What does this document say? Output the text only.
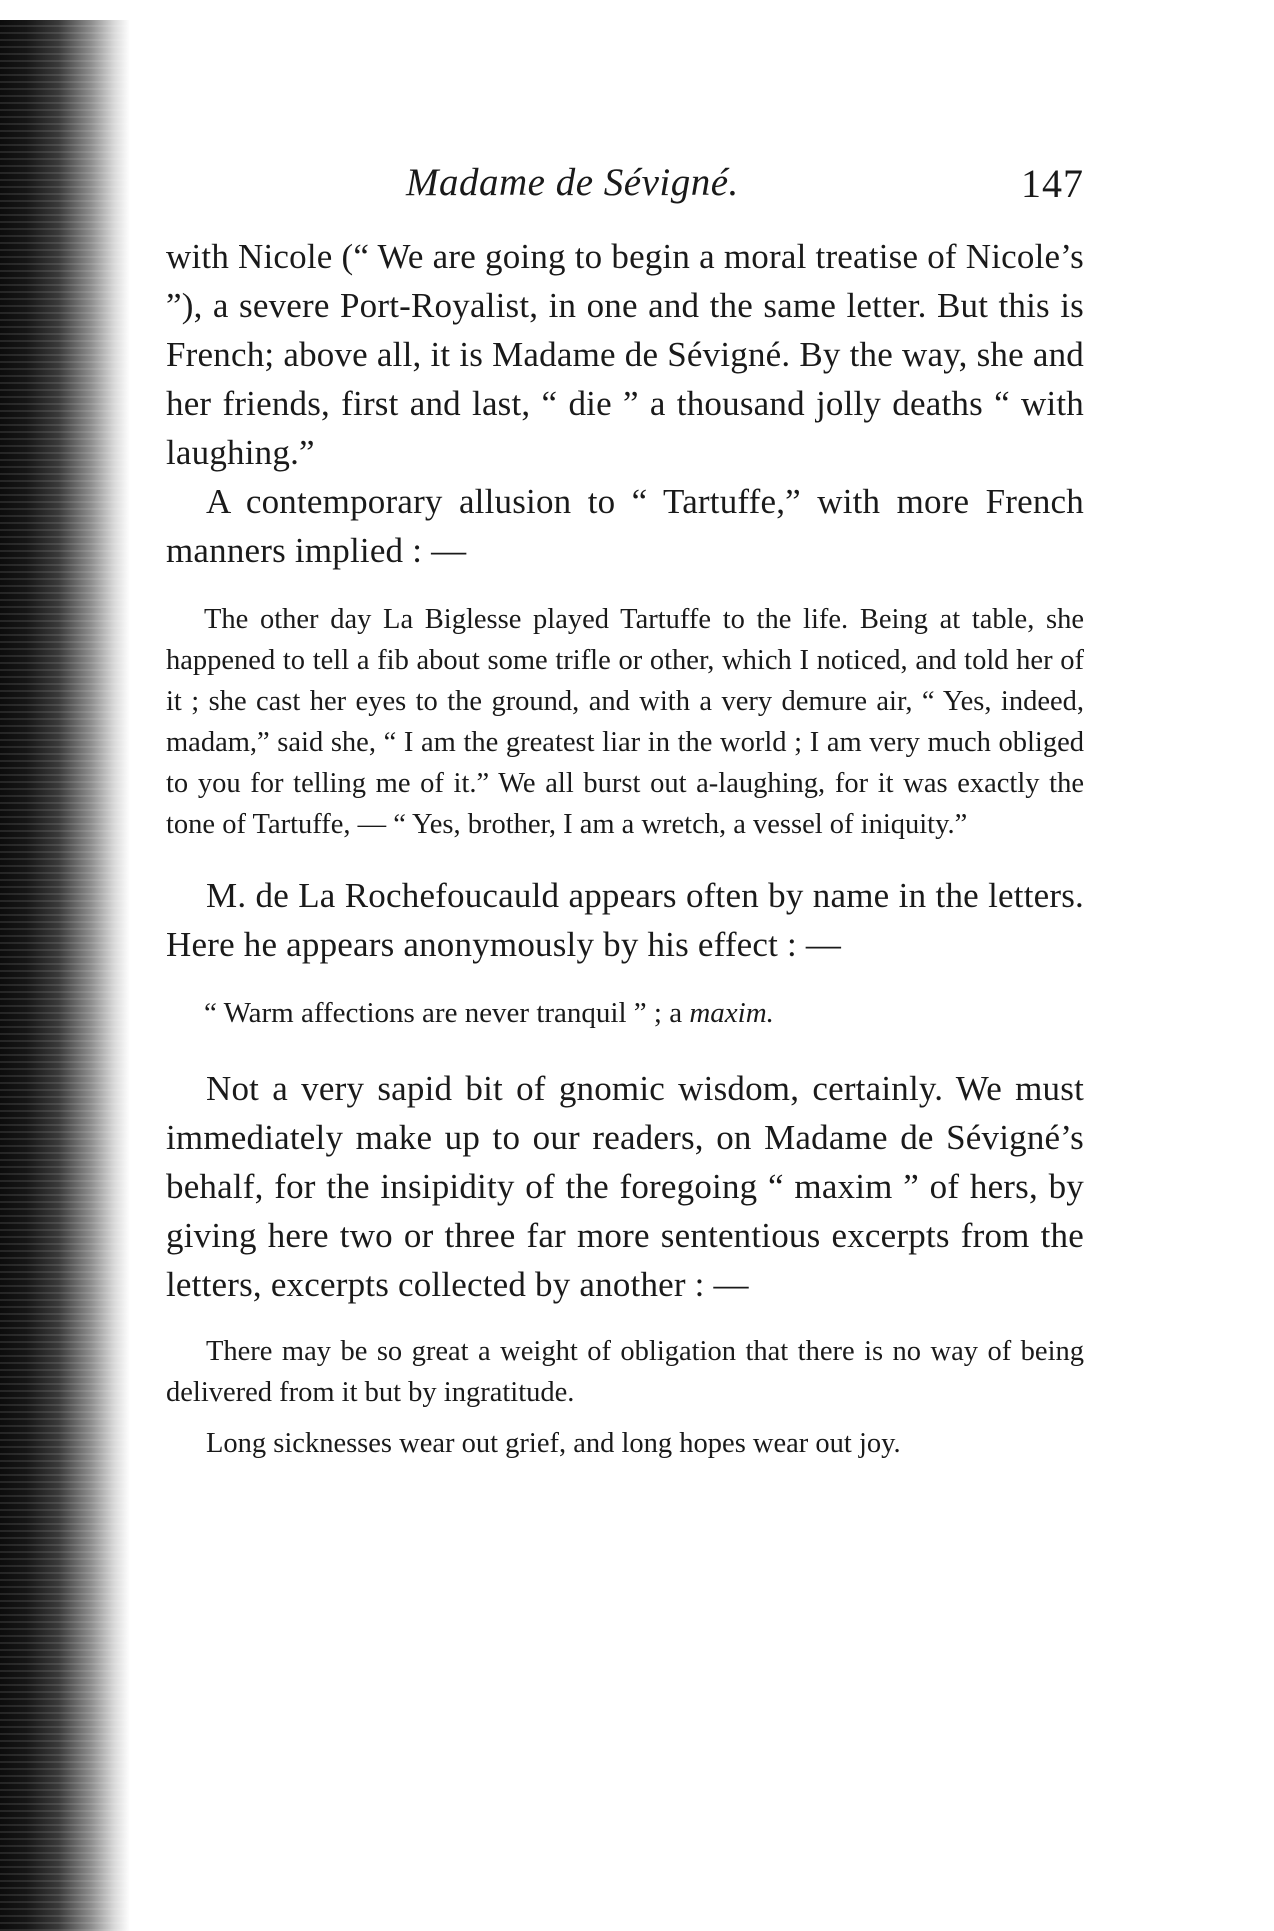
Madame de Sévigné.	147

with Nicole (“ We are going to begin a moral treatise of Nicole’s ”), a severe Port-Royalist, in one and the same letter. But this is French; above all, it is Madame de Sévigné. By the way, she and her friends, first and last, “ die ” a thousand jolly deaths “ with laughing.”

A contemporary allusion to “ Tartuffe,” with more French manners implied : —

The other day La Biglesse played Tartuffe to the life. Being at table, she happened to tell a fib about some trifle or other, which I noticed, and told her of it ; she cast her eyes to the ground, and with a very demure air, “ Yes, indeed, madam,” said she, “ I am the greatest liar in the world ; I am very much obliged to you for telling me of it.” We all burst out a-laughing, for it was exactly the tone of Tartuffe, — “ Yes, brother, I am a wretch, a vessel of iniquity.”

M. de La Rochefoucauld appears often by name in the letters. Here he appears anonymously by his effect : —

“ Warm affections are never tranquil ” ; a maxim.

Not a very sapid bit of gnomic wisdom, certainly. We must immediately make up to our readers, on Madame de Sévigné’s behalf, for the insipidity of the foregoing “ maxim ” of hers, by giving here two or three far more sententious excerpts from the letters, excerpts collected by another : —

There may be so great a weight of obligation that there is no way of being delivered from it but by ingratitude.

Long sicknesses wear out grief, and long hopes wear out joy.
